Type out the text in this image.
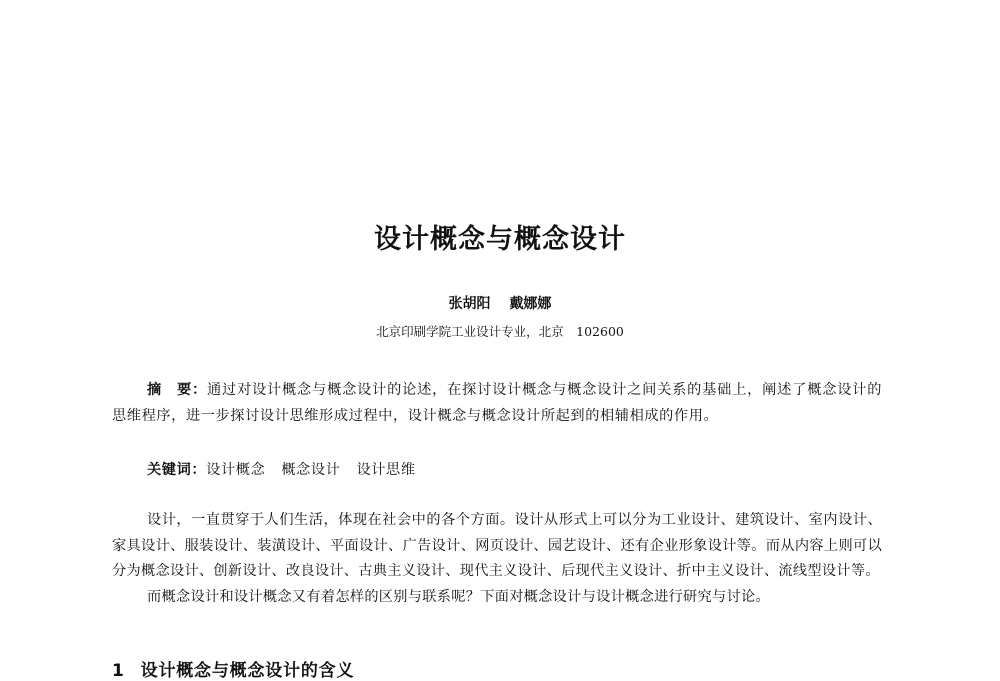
设计概念与概念设计
张胡阳 戴娜娜
北京印刷学院工业设计专业，北京　102600
摘　要：通过对设计概念与概念设计的论述，在探讨设计概念与概念设计之间关系的基础上，阐述了概念设计的思维程序，进一步探讨设计思维形成过程中，设计概念与概念设计所起到的相辅相成的作用。
关键词：设计概念 概念设计 设计思维

设计，一直贯穿于人们生活，体现在社会中的各个方面。设计从形式上可以分为工业设计、建筑设计、室内设计、家具设计、服装设计、装潢设计、平面设计、广告设计、网页设计、园艺设计、还有企业形象设计等。而从内容上则可以分为概念设计、创新设计、改良设计、古典主义设计、现代主义设计、后现代主义设计、折中主义设计、流线型设计等。

而概念设计和设计概念又有着怎样的区别与联系呢？下面对概念设计与设计概念进行研究与讨论。

1 设计概念与概念设计的含义
